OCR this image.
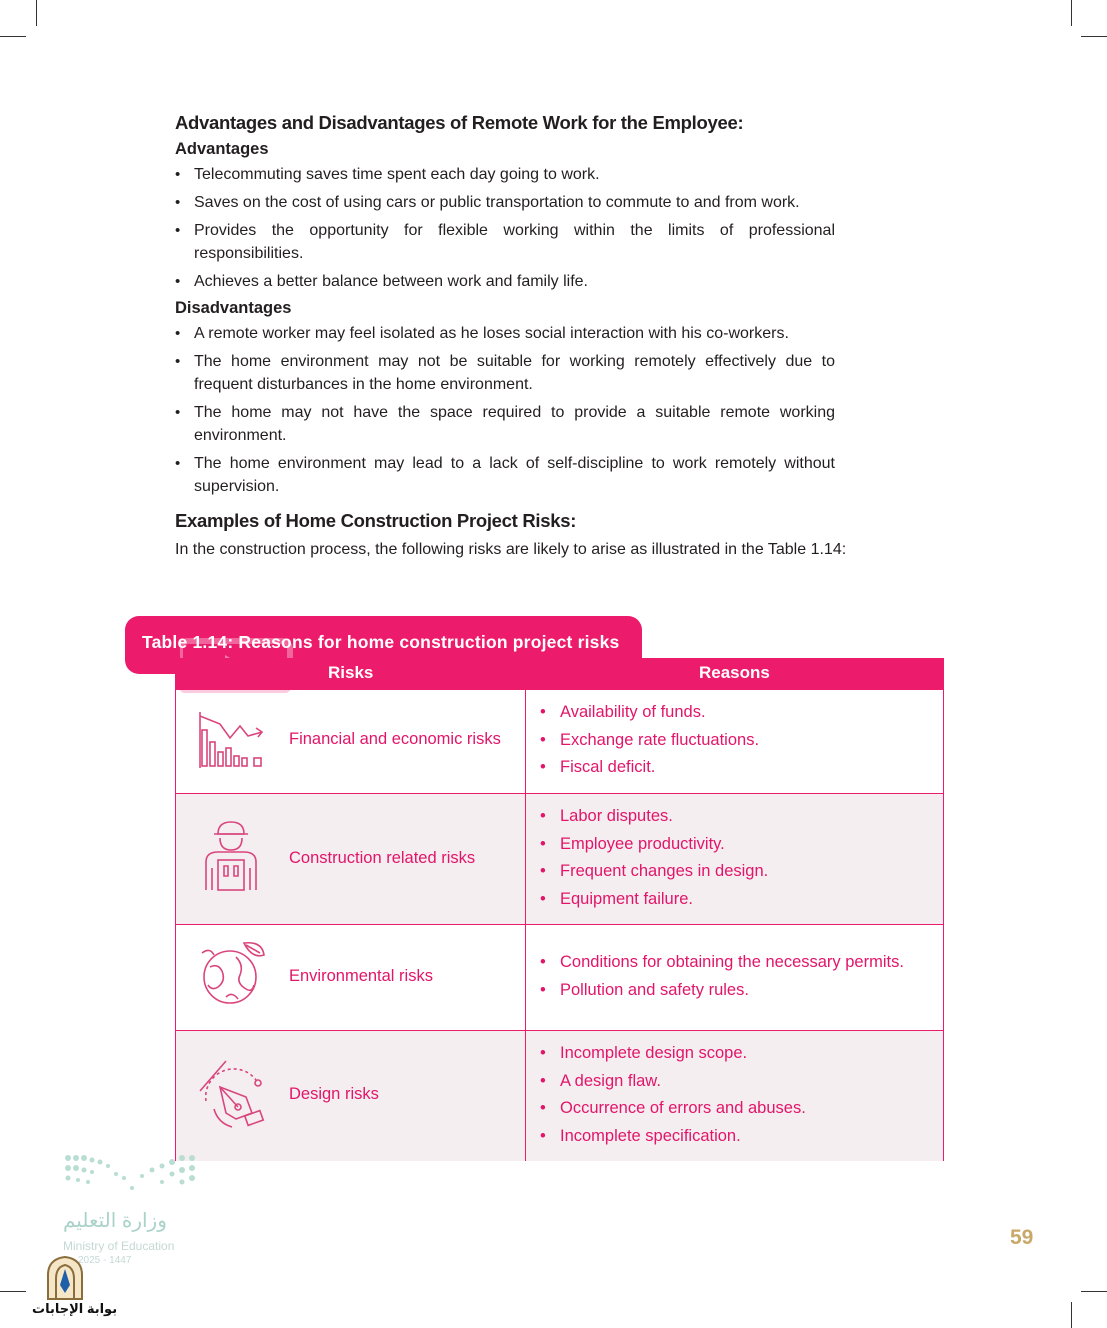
Advantages and Disadvantages of Remote Work for the Employee:
Advantages
• Telecommuting saves time spent each day going to work.
• Saves on the cost of using cars or public transportation to commute to and from work.
• Provides the opportunity for flexible working within the limits of professional responsibilities.
• Achieves a better balance between work and family life.
Disadvantages
• A remote worker may feel isolated as he loses social interaction with his co-workers.
• The home environment may not be suitable for working remotely effectively due to frequent disturbances in the home environment.
• The home may not have the space required to provide a suitable remote working environment.
• The home environment may lead to a lack of self-discipline to work remotely without supervision.
Examples of Home Construction Project Risks:
In the construction process, the following risks are likely to arise as illustrated in the Table 1.14:
Table 1.14: Reasons for home construction project risks
Risks	Reasons
Financial and economic risks
• Availability of funds.
• Exchange rate fluctuations.
• Fiscal deficit.
Construction related risks
• Labor disputes.
• Employee productivity.
• Frequent changes in design.
• Equipment failure.
Environmental risks
• Conditions for obtaining the necessary permits.
• Pollution and safety rules.
Design risks
• Incomplete design scope.
• A design flaw.
• Occurrence of errors and abuses.
• Incomplete specification.
وزارة التعليم
Ministry of Education
2025 - 1447
بوابة الإجابات
59
